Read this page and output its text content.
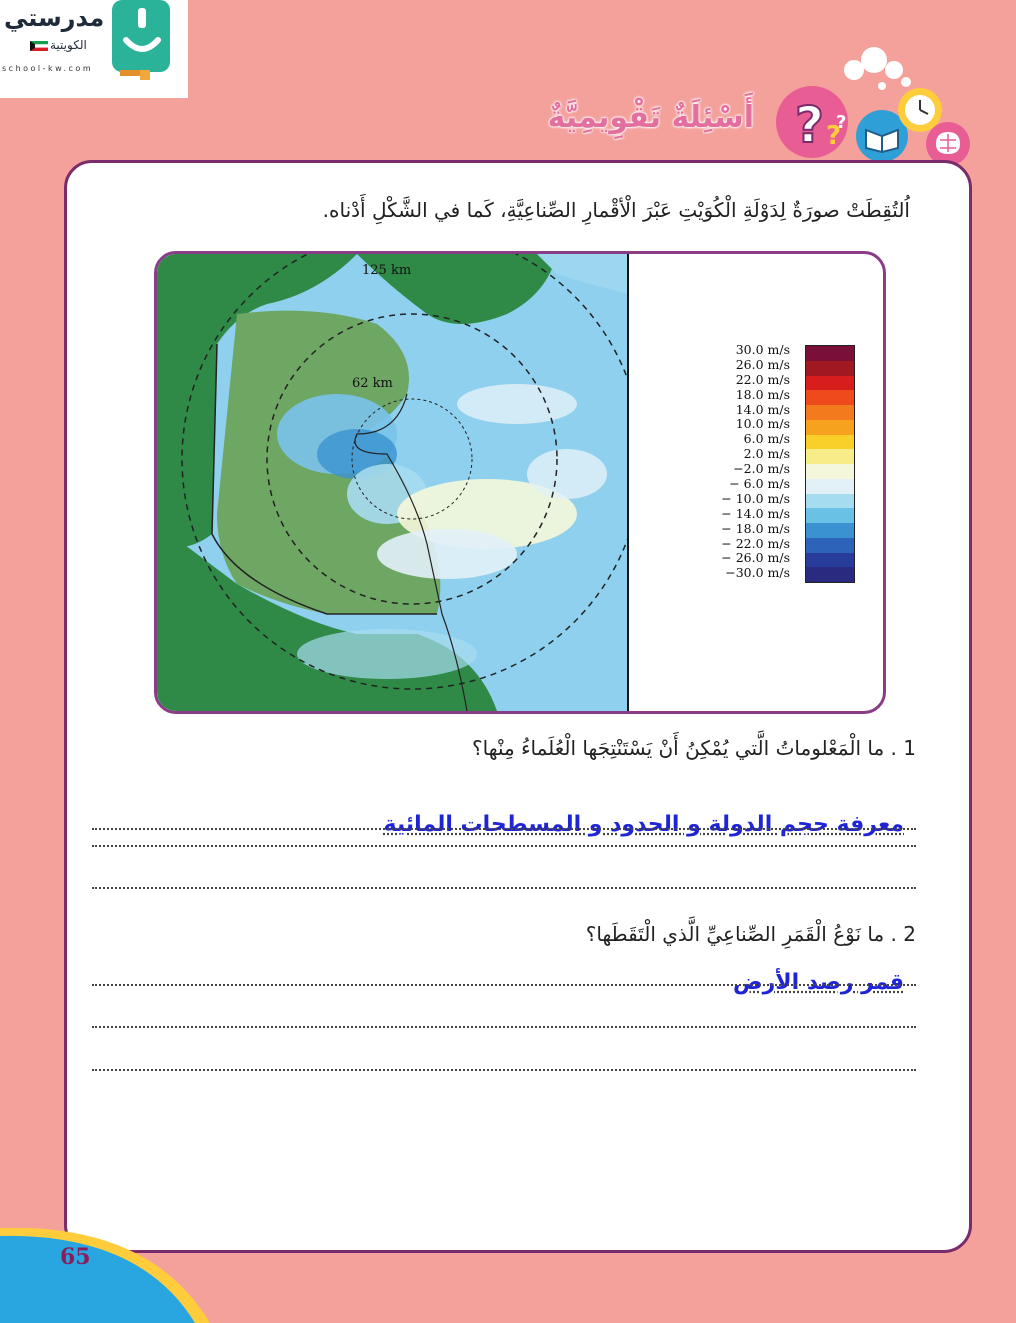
مدرستي
الكويتية
school-kw.com
? ?
?
أَسْئِلَةٌ تَقْوِيمِيَّةٌ
اُلتُقِطَتْ صورَةٌ لِدَوْلَةِ الْكُوَيْتِ عَبْرَ الْأقْمارِ الصِّناعِيَّةِ، كَما في الشَّكْلِ أَدْناه.
125 km
62 km
30.0 m/s
26.0 m/s
22.0 m/s
18.0 m/s
14.0 m/s
10.0 m/s
6.0 m/s
2.0 m/s
−2.0 m/s
− 6.0 m/s
− 10.0 m/s
− 14.0 m/s
− 18.0 m/s
− 22.0 m/s
− 26.0 m/s
−30.0 m/s
1 . ما الْمَعْلوماتُ الَّتي يُمْكِنُ أَنْ يَسْتَنْتِجَها الْعُلَماءُ مِنْها؟
معرفة حجم الدولة و الحدود و المسطحات المائية
2 . ما نَوْعُ الْقَمَرِ الصِّناعِيِّ الَّذي الْتَقَطَها؟
قمر رصد الأرض
65
